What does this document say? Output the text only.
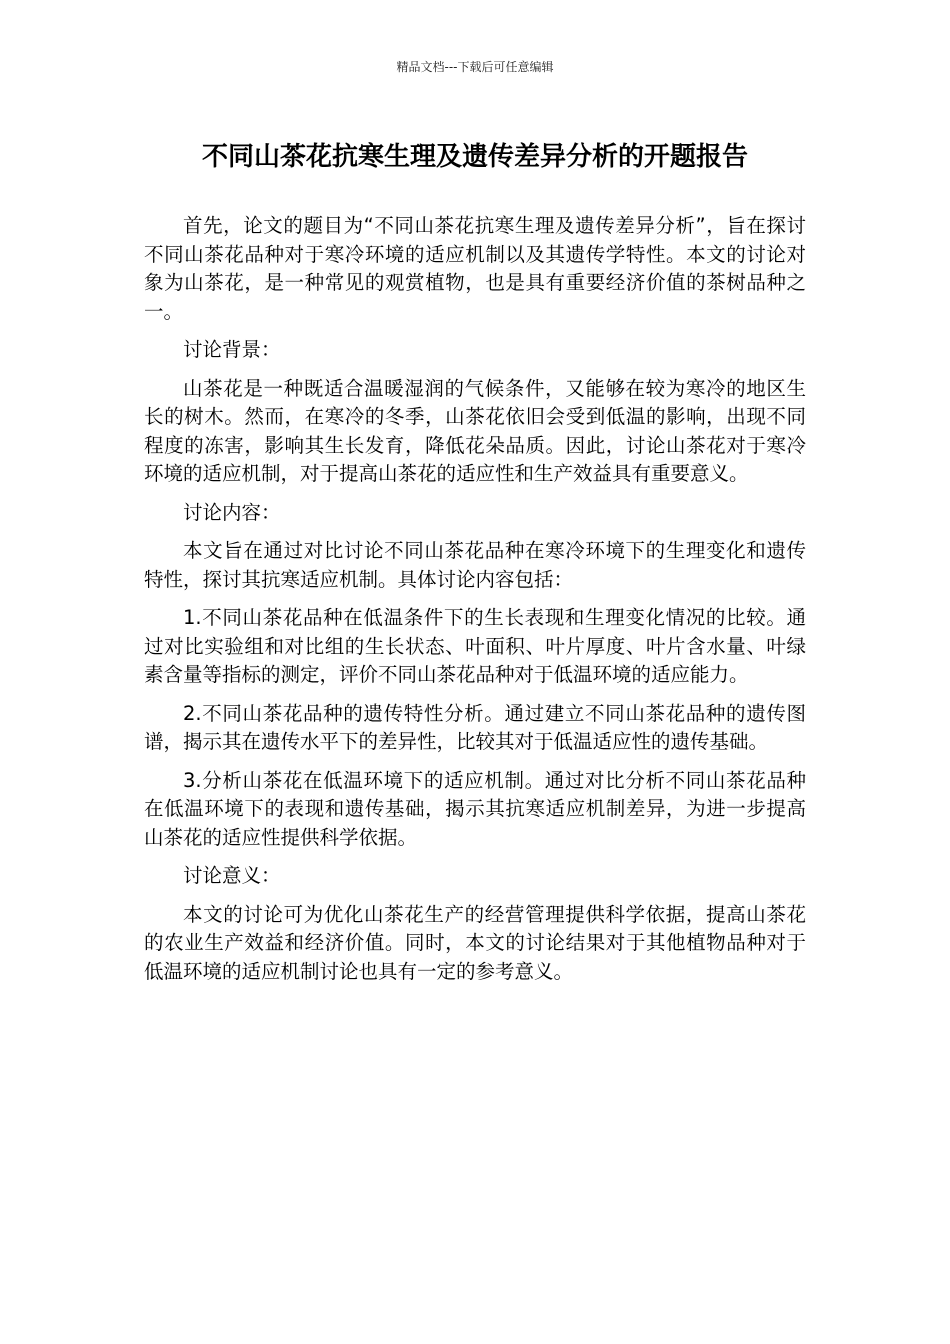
精品文档---下载后可任意编辑
不同山茶花抗寒生理及遗传差异分析的开题报告

首先，论文的题目为“不同山茶花抗寒生理及遗传差异分析”，旨在探讨不同山茶花品种对于寒冷环境的适应机制以及其遗传学特性。本文的讨论对象为山茶花，是一种常见的观赏植物，也是具有重要经济价值的茶树品种之一。

讨论背景：

山茶花是一种既适合温暖湿润的气候条件，又能够在较为寒冷的地区生长的树木。然而，在寒冷的冬季，山茶花依旧会受到低温的影响，出现不同程度的冻害，影响其生长发育，降低花朵品质。因此，讨论山茶花对于寒冷环境的适应机制，对于提高山茶花的适应性和生产效益具有重要意义。

讨论内容：

本文旨在通过对比讨论不同山茶花品种在寒冷环境下的生理变化和遗传特性，探讨其抗寒适应机制。具体讨论内容包括：

1.不同山茶花品种在低温条件下的生长表现和生理变化情况的比较。通过对比实验组和对比组的生长状态、叶面积、叶片厚度、叶片含水量、叶绿素含量等指标的测定，评价不同山茶花品种对于低温环境的适应能力。

2.不同山茶花品种的遗传特性分析。通过建立不同山茶花品种的遗传图谱，揭示其在遗传水平下的差异性，比较其对于低温适应性的遗传基础。

3.分析山茶花在低温环境下的适应机制。通过对比分析不同山茶花品种在低温环境下的表现和遗传基础，揭示其抗寒适应机制差异，为进一步提高山茶花的适应性提供科学依据。

讨论意义：

本文的讨论可为优化山茶花生产的经营管理提供科学依据，提高山茶花的农业生产效益和经济价值。同时，本文的讨论结果对于其他植物品种对于低温环境的适应机制讨论也具有一定的参考意义。
